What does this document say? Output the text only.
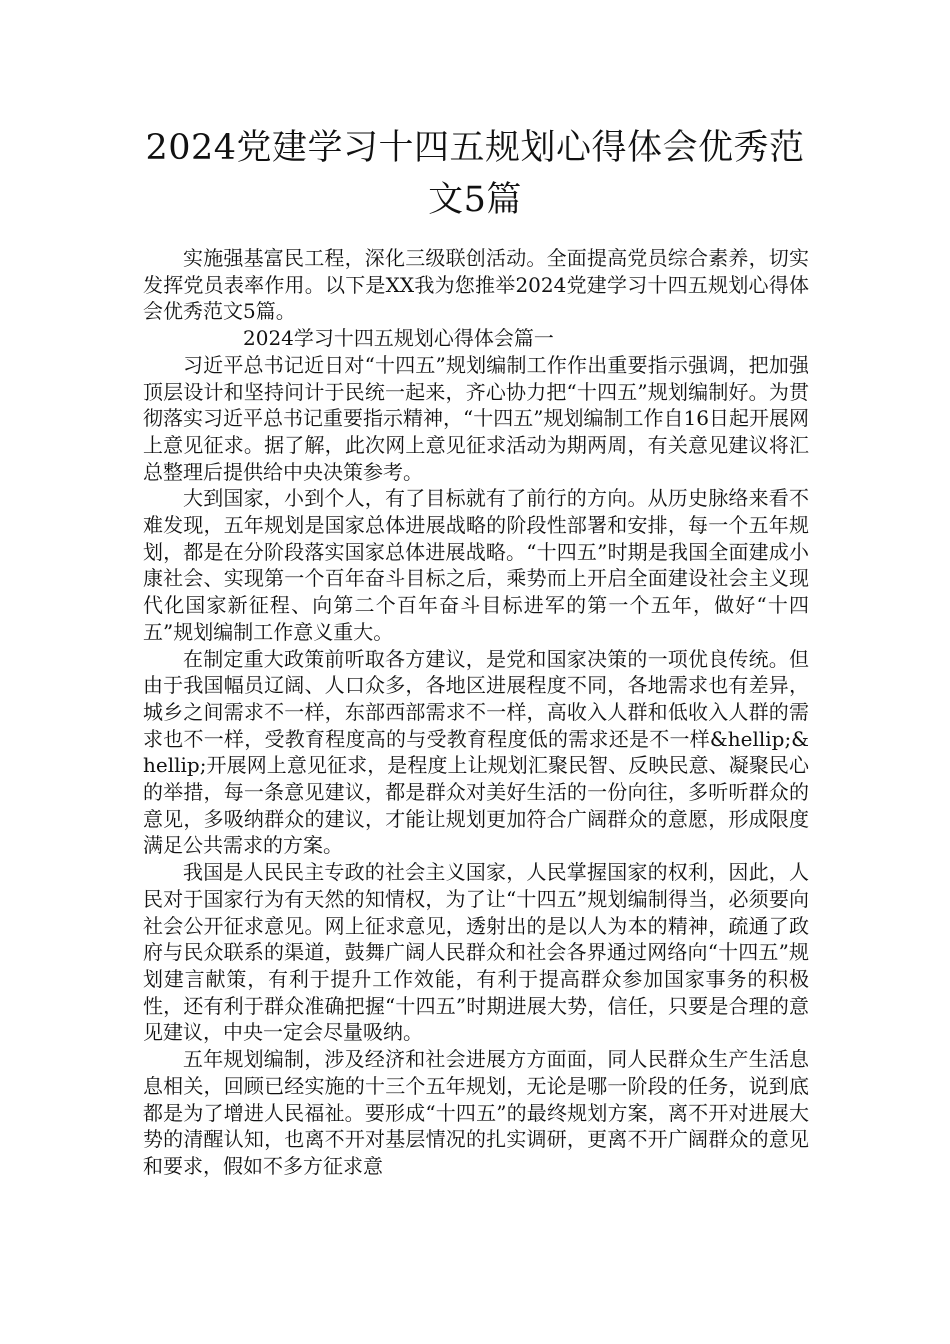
2024党建学习十四五规划心得体会优秀范
文5篇

实施强基富民工程，深化三级联创活动。全面提高党员综合素养，切实发挥党员表率作用。以下是XX我为您推举2024党建学习十四五规划心得体会优秀范文5篇。

2024学习十四五规划心得体会篇一

习近平总书记近日对“十四五”规划编制工作作出重要指示强调，把加强顶层设计和坚持问计于民统一起来，齐心协力把“十四五”规划编制好。为贯彻落实习近平总书记重要指示精神，“十四五”规划编制工作自16日起开展网上意见征求。据了解，此次网上意见征求活动为期两周，有关意见建议将汇总整理后提供给中央决策参考。

大到国家，小到个人，有了目标就有了前行的方向。从历史脉络来看不难发现，五年规划是国家总体进展战略的阶段性部署和安排，每一个五年规划，都是在分阶段落实国家总体进展战略。“十四五”时期是我国全面建成小康社会、实现第一个百年奋斗目标之后，乘势而上开启全面建设社会主义现代化国家新征程、向第二个百年奋斗目标进军的第一个五年，做好“十四五”规划编制工作意义重大。

在制定重大政策前听取各方建议，是党和国家决策的一项优良传统。但由于我国幅员辽阔、人口众多，各地区进展程度不同，各地需求也有差异，城乡之间需求不一样，东部西部需求不一样，高收入人群和低收入人群的需求也不一样，受教育程度高的与受教育程度低的需求还是不一样&hellip;&hellip;开展网上意见征求，是程度上让规划汇聚民智、反映民意、凝聚民心的举措，每一条意见建议，都是群众对美好生活的一份向往，多听听群众的意见，多吸纳群众的建议，才能让规划更加符合广阔群众的意愿，形成限度满足公共需求的方案。

我国是人民民主专政的社会主义国家，人民掌握国家的权利，因此，人民对于国家行为有天然的知情权，为了让“十四五”规划编制得当，必须要向社会公开征求意见。网上征求意见，透射出的是以人为本的精神，疏通了政府与民众联系的渠道，鼓舞广阔人民群众和社会各界通过网络向“十四五”规划建言献策，有利于提升工作效能，有利于提高群众参加国家事务的积极性，还有利于群众准确把握“十四五”时期进展大势，信任，只要是合理的意见建议，中央一定会尽量吸纳。

五年规划编制，涉及经济和社会进展方方面面，同人民群众生产生活息息相关，回顾已经实施的十三个五年规划，无论是哪一阶段的任务，说到底都是为了增进人民福祉。要形成“十四五”的最终规划方案，离不开对进展大势的清醒认知，也离不开对基层情况的扎实调研，更离不开广阔群众的意见和要求，假如不多方征求意
